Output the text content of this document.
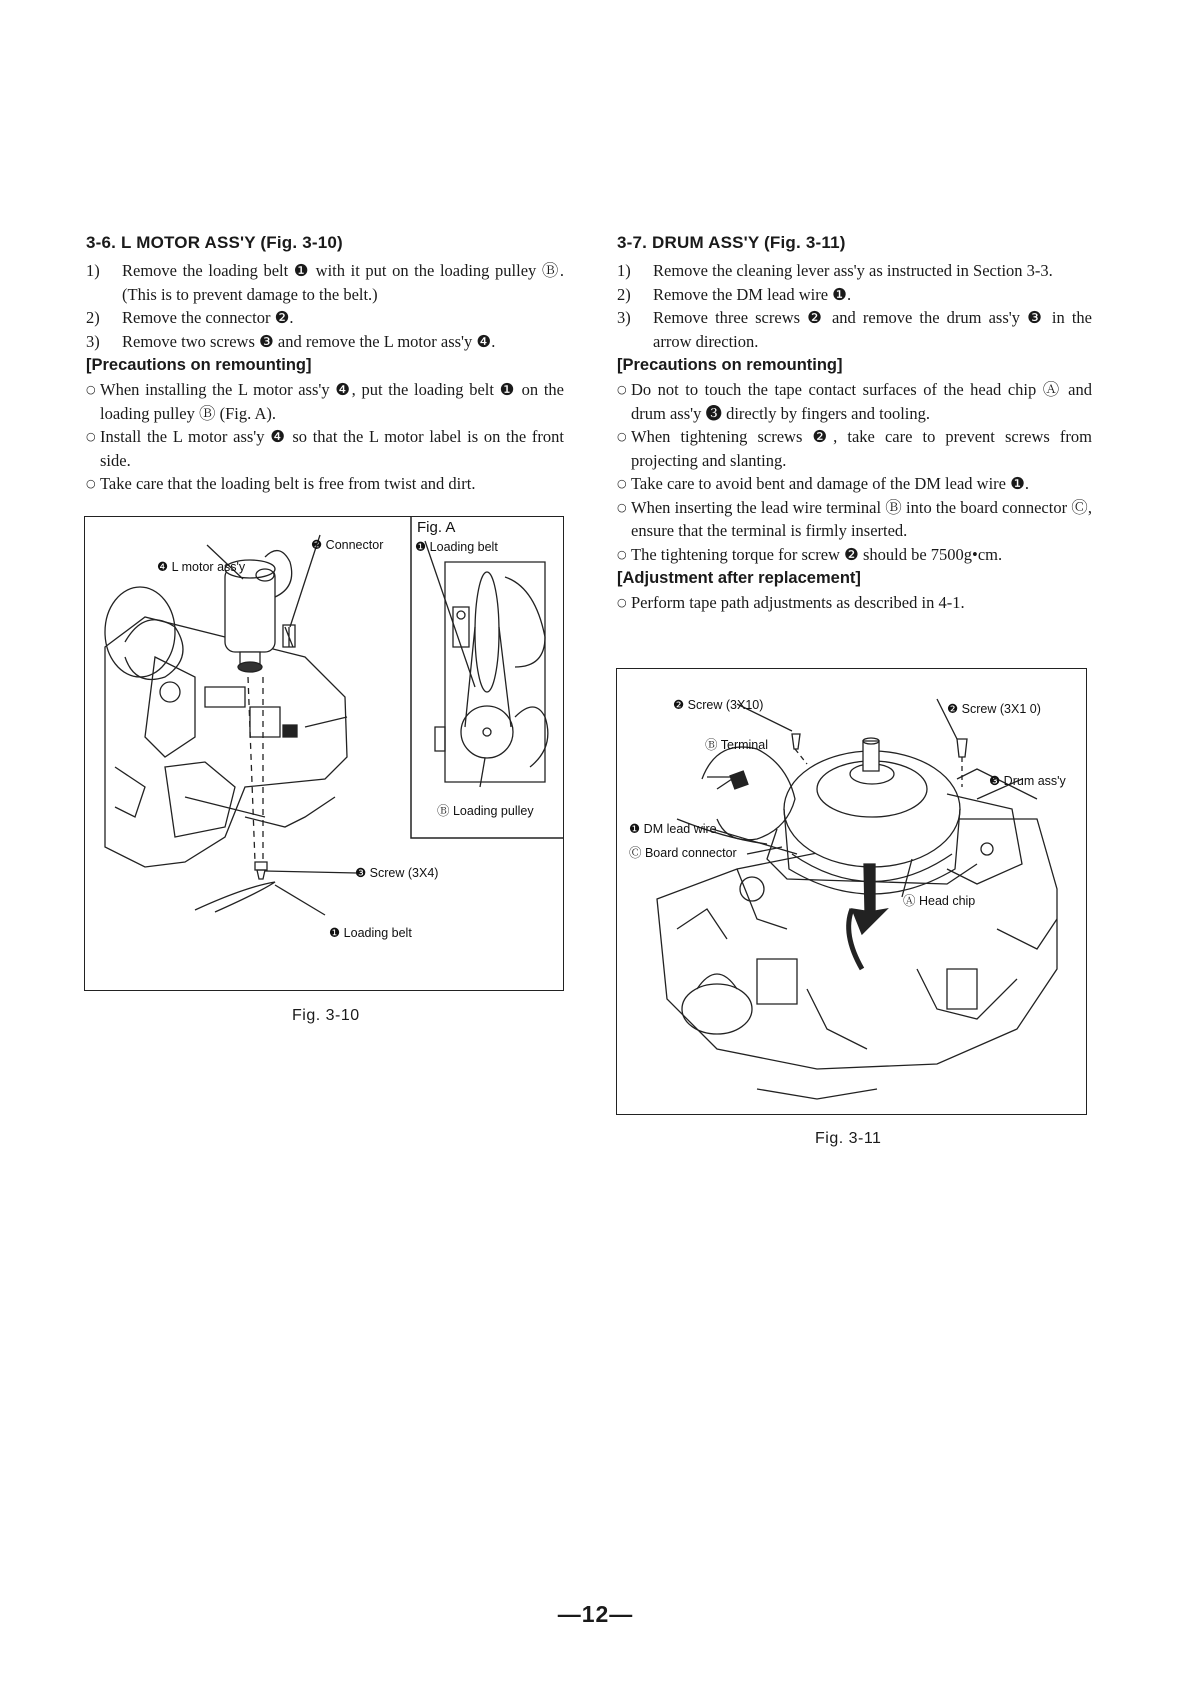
3-6. L MOTOR ASS'Y (Fig. 3-10)
1)	Remove the loading belt ❶ with it put on the loading pulley Ⓑ. (This is to prevent damage to the belt.)
2)	Remove the connector ❷.
3)	Remove two screws ❸ and remove the L motor ass'y ❹.
[Precautions on remounting]
○ When installing the L motor ass'y ❹, put the loading belt ❶ on the loading pulley Ⓑ (Fig. A).
○ Install the L motor ass'y ❹ so that the L motor label is on the front side.
○ Take care that the loading belt is free from twist and dirt.
❷ Connector
❹ L motor ass'y
❸ Screw (3X4)
❶ Loading belt
Fig. A
❶ Loading belt
Ⓑ Loading pulley
Fig. 3-10
3-7. DRUM ASS'Y (Fig. 3-11)
1)	Remove the cleaning lever ass'y as instructed in Section 3-3.
2)	Remove the DM lead wire ❶.
3)	Remove three screws ❷ and remove the drum ass'y ❸ in the arrow direction.
[Precautions on remounting]
○ Do not to touch the tape contact surfaces of the head chip Ⓐ and drum ass'y ❸ directly by fingers and tooling.
○ When tightening screws ❷, take care to prevent screws from projecting and slanting.
○ Take care to avoid bent and damage of the DM lead wire ❶.
○ When inserting the lead wire terminal Ⓑ into the board connector Ⓒ, ensure that the terminal is firmly inserted.
○ The tightening torque for screw ❷ should be 7500g•cm.
[Adjustment after replacement]
○ Perform tape path adjustments as described in 4-1.
❷ Screw (3X10)	❷ Screw (3X1 0)
Ⓑ Terminal
❸ Drum ass'y
❶ DM lead wire
Ⓒ Board connector
Ⓐ Head chip
Fig. 3-11
—12—
